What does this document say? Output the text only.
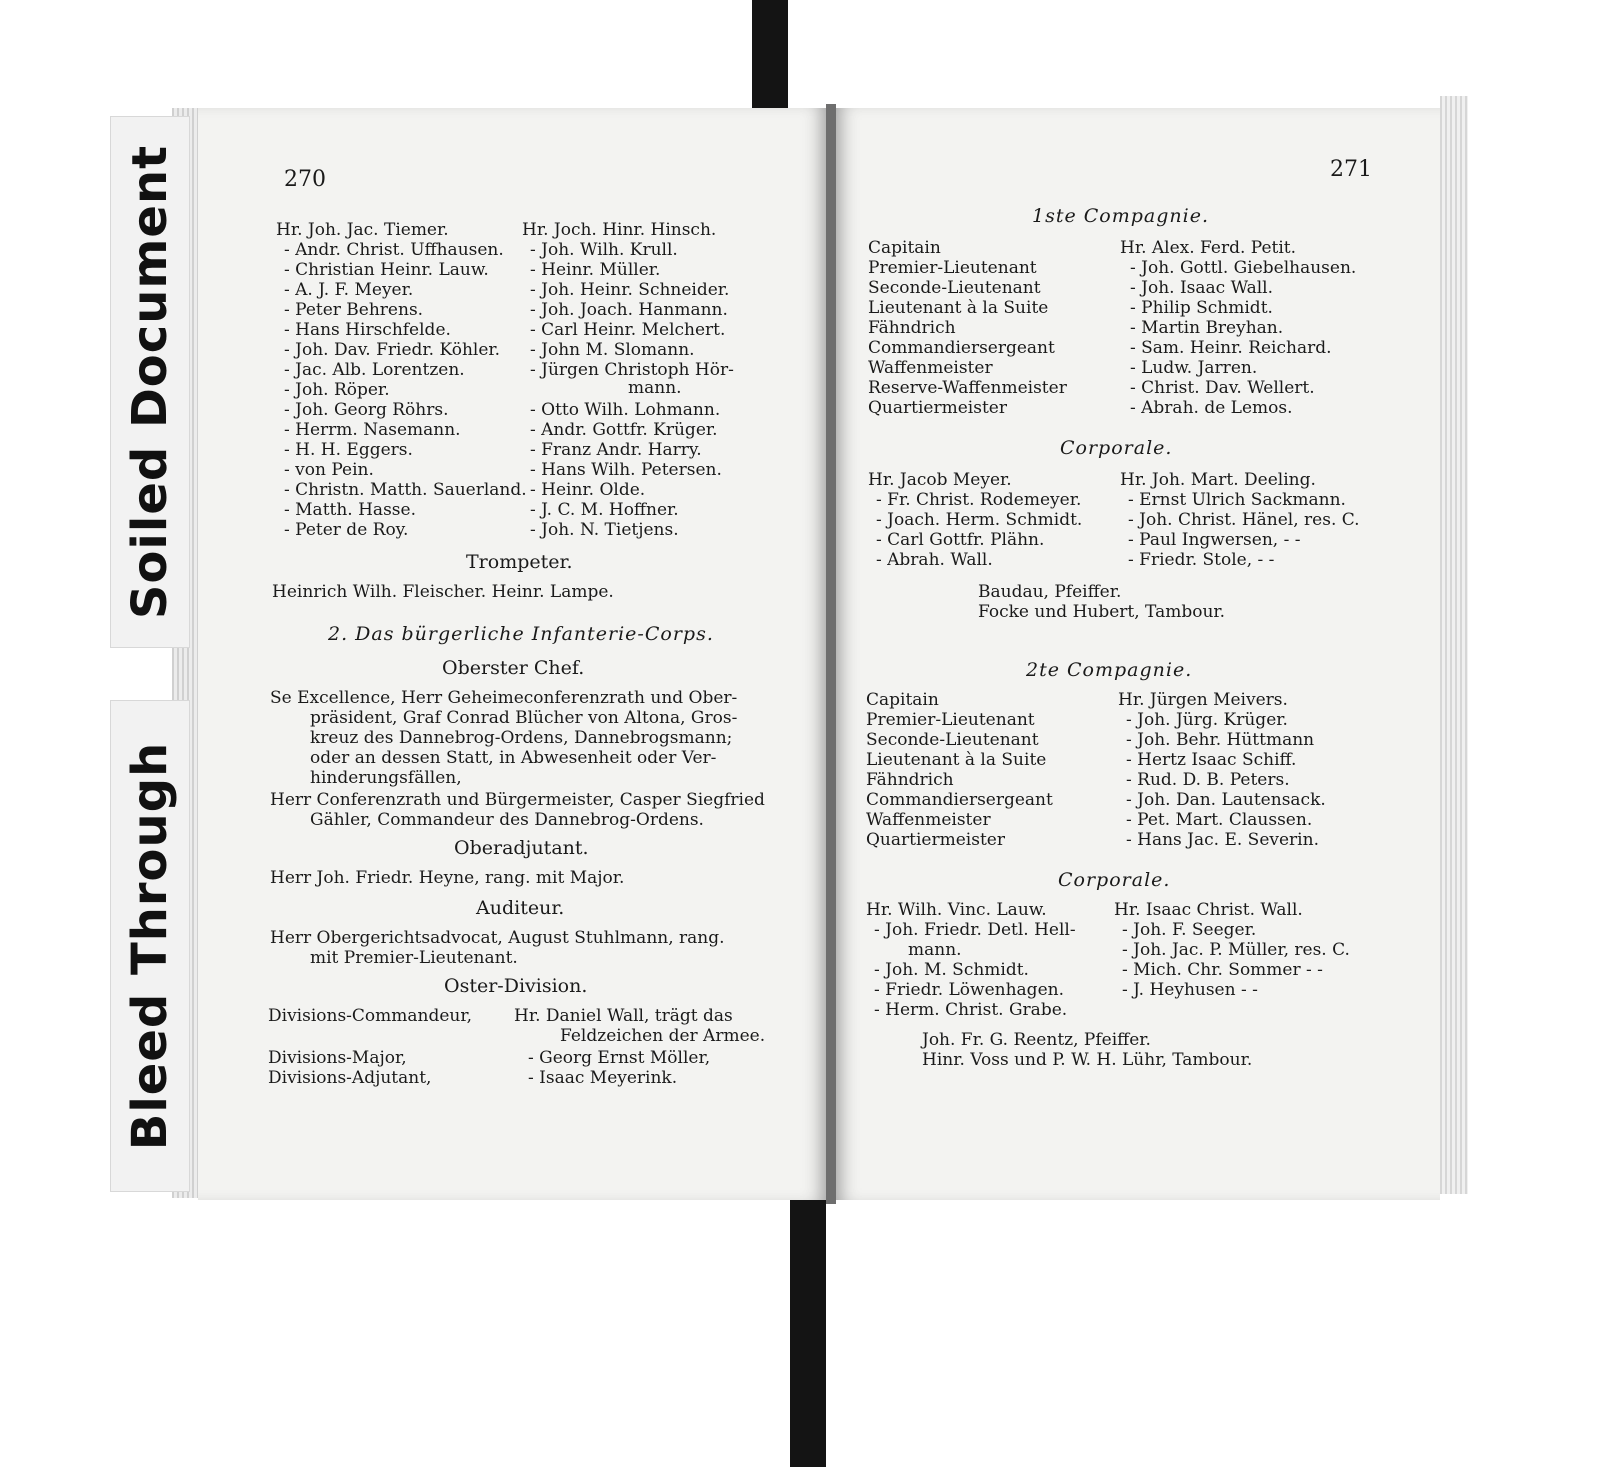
Soiled Document
Bleed Through
270
Hr. Joh. Jac. Tiemer.
- Andr. Christ. Uffhausen.
- Christian Heinr. Lauw.
- A. J. F. Meyer.
- Peter Behrens.
- Hans Hirschfelde.
- Joh. Dav. Friedr. Köhler.
- Jac. Alb. Lorentzen.
- Joh. Röper.
- Joh. Georg Röhrs.
- Herrm. Nasemann.
- H. H. Eggers.
- von Pein.
- Christn. Matth. Sauerland.
- Matth. Hasse.
- Peter de Roy.
Hr. Joch. Hinr. Hinsch.
- Joh. Wilh. Krull.
- Heinr. Müller.
- Joh. Heinr. Schneider.
- Joh. Joach. Hanmann.
- Carl Heinr. Melchert.
- John M. Slomann.
- Jürgen Christoph Hör-
mann.
- Otto Wilh. Lohmann.
- Andr. Gottfr. Krüger.
- Franz Andr. Harry.
- Hans Wilh. Petersen.
- Heinr. Olde.
- J. C. M. Hoffner.
- Joh. N. Tietjens.
Trompeter.
Heinrich Wilh. Fleischer. Heinr. Lampe.
2. Das bürgerliche Infanterie-Corps.
Oberster Chef.
Se Excellence, Herr Geheimeconferenzrath und Ober-
präsident, Graf Conrad Blücher von Altona, Gros-
kreuz des Dannebrog-Ordens, Dannebrogsmann;
oder an dessen Statt, in Abwesenheit oder Ver-
hinderungsfällen,
Herr Conferenzrath und Bürgermeister, Casper Siegfried
Gähler, Commandeur des Dannebrog-Ordens.
Oberadjutant.
Herr Joh. Friedr. Heyne, rang. mit Major.
Auditeur.
Herr Obergerichtsadvocat, August Stuhlmann, rang.
mit Premier-Lieutenant.
Oster-Division.
Divisions-Commandeur, Hr. Daniel Wall, trägt das
Feldzeichen der Armee.
Divisions-Major,	- Georg Ernst Möller,
Divisions-Adjutant,	- Isaac Meyerink.
271
1ste Compagnie.
Capitain
Premier-Lieutenant
Seconde-Lieutenant
Lieutenant à la Suite
Fähndrich
Commandiersergeant
Waffenmeister
Reserve-Waffenmeister
Quartiermeister
Hr. Alex. Ferd. Petit.
- Joh. Gottl. Giebelhausen.
- Joh. Isaac Wall.
- Philip Schmidt.
- Martin Breyhan.
- Sam. Heinr. Reichard.
- Ludw. Jarren.
- Christ. Dav. Wellert.
- Abrah. de Lemos.
Corporale.
Hr. Jacob Meyer.
- Fr. Christ. Rodemeyer.
- Joach. Herm. Schmidt.
- Carl Gottfr. Plähn.
- Abrah. Wall.
Hr. Joh. Mart. Deeling.
- Ernst Ulrich Sackmann.
- Joh. Christ. Hänel, res. C.
- Paul Ingwersen, - -
- Friedr. Stole, - -
Baudau, Pfeiffer.
Focke und Hubert, Tambour.
2te Compagnie.
Capitain
Premier-Lieutenant
Seconde-Lieutenant
Lieutenant à la Suite
Fähndrich
Commandiersergeant
Waffenmeister
Quartiermeister
Hr. Jürgen Meivers.
- Joh. Jürg. Krüger.
- Joh. Behr. Hüttmann
- Hertz Isaac Schiff.
- Rud. D. B. Peters.
- Joh. Dan. Lautensack.
- Pet. Mart. Claussen.
- Hans Jac. E. Severin.
Corporale.
Hr. Wilh. Vinc. Lauw.
- Joh. Friedr. Detl. Hell-
mann.
- Joh. M. Schmidt.
- Friedr. Löwenhagen.
- Herm. Christ. Grabe.
Hr. Isaac Christ. Wall.
- Joh. F. Seeger.
- Joh. Jac. P. Müller, res. C.
- Mich. Chr. Sommer - -
- J. Heyhusen - -
Joh. Fr. G. Reentz, Pfeiffer.
Hinr. Voss und P. W. H. Lühr, Tambour.
